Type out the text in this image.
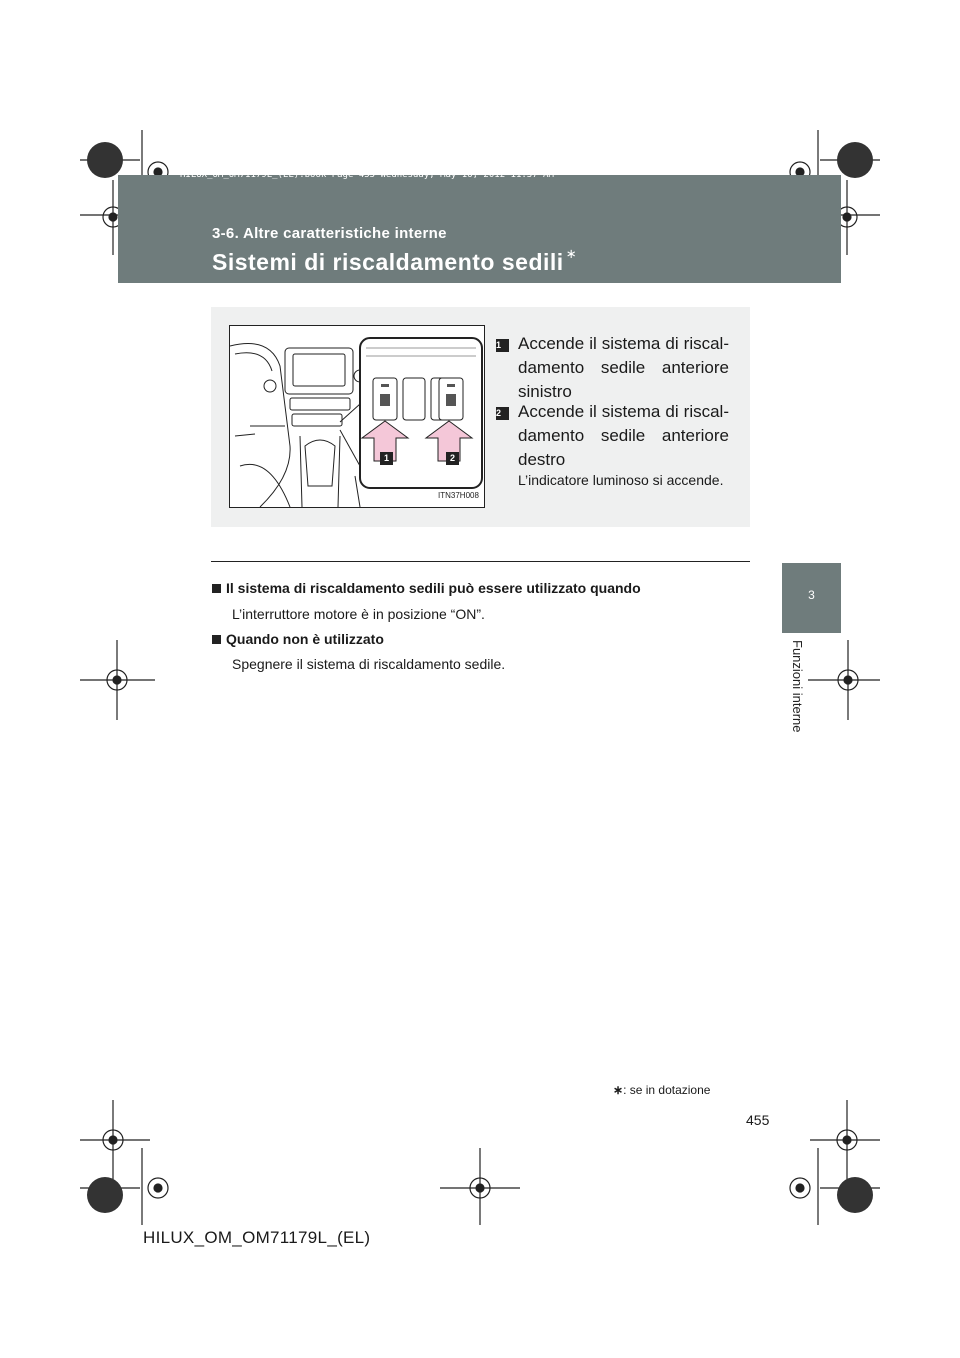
HILUX_OM_OM71179L_(EL).book Page 455 Wednesday, May 16, 2012 11:37 AM
3-6. Altre caratteristiche interne
Sistemi di riscaldamento sedili ∗
3
Funzioni interne
1	2
ITN37H008
1 Accende il sistema di riscal-damento sedile anteriore sinistro
2 Accende il sistema di riscal-damento sedile anteriore destro
L’indicatore luminoso si accende.
Il sistema di riscaldamento sedili può essere utilizzato quando
L’interruttore motore è in posizione “ON”.
Quando non è utilizzato
Spegnere il sistema di riscaldamento sedile.
∗: se in dotazione
455
HILUX_OM_OM71179L_(EL)
